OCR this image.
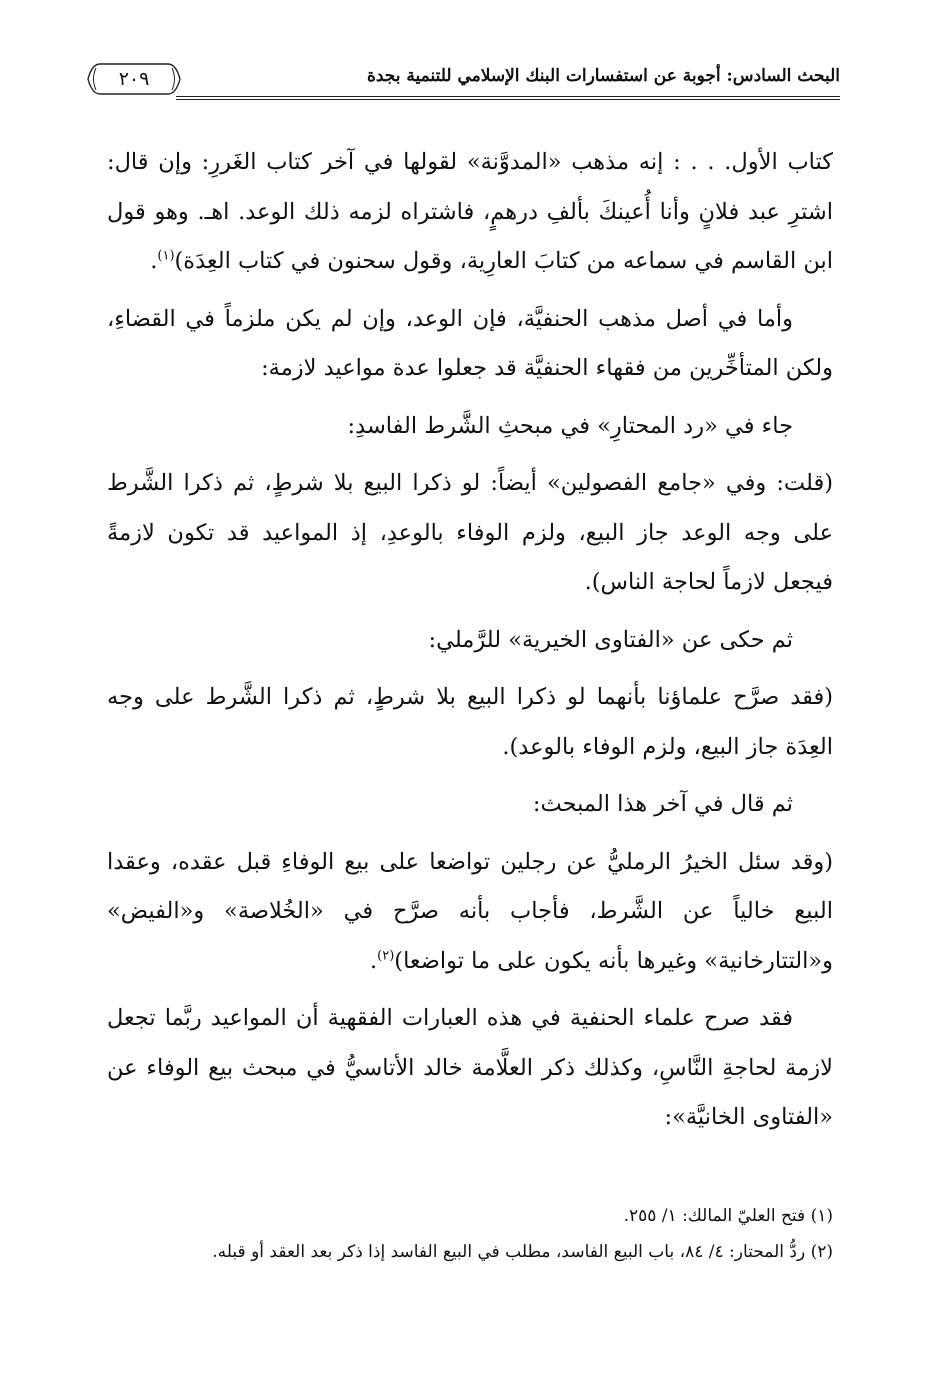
البحث السادس: أجوبة عن استفسارات البنك الإسلامي للتنمية بجدة
٢٠٩

كتاب الأول. . . : إنه مذهب «المدوَّنة» لقولها في آخر كتاب الغَررِ: وإن قال: اشترِ عبد فلانٍ وأنا أُعينكَ بألفِ درهمٍ، فاشتراه لزمه ذلك الوعد. اهـ. وهو قول ابن القاسم في سماعه من كتابَ العارِية، وقول سحنون في كتاب العِدَة)$^{(١)}$.

وأما في أصل مذهب الحنفيَّة، فإن الوعد، وإن لم يكن ملزماً في القضاءِ، ولكن المتأخِّرين من فقهاء الحنفيَّة قد جعلوا عدة مواعيد لازمة:

جاء في «رد المحتارِ» في مبحثِ الشَّرط الفاسدِ:

(قلت: وفي «جامع الفصولين» أيضاً: لو ذكرا البيع بلا شرطٍ، ثم ذكرا الشَّرط على وجه الوعد جاز البيع، ولزم الوفاء بالوعدِ، إذ المواعيد قد تكون لازمةً فيجعل لازماً لحاجة الناس).

ثم حكى عن «الفتاوى الخيرية» للرَّملي:

(فقد صرَّح علماؤنا بأنهما لو ذكرا البيع بلا شرطٍ، ثم ذكرا الشَّرط على وجه العِدَة جاز البيع، ولزم الوفاء بالوعد).

ثم قال في آخر هذا المبحث:

(وقد سئل الخيرُ الرمليُّ عن رجلين تواضعا على بيع الوفاءِ قبل عقده، وعقدا البيع خالياً عن الشَّرط، فأجاب بأنه صرَّح في «الخُلاصة» و«الفيض» و«التتارخانية» وغيرها بأنه يكون على ما تواضعا)$^{(٢)}$.

فقد صرح علماء الحنفية في هذه العبارات الفقهية أن المواعيد ربَّما تجعل لازمة لحاجةِ النَّاسِ، وكذلك ذكر العلَّامة خالد الأتاسيُّ في مبحث بيع الوفاء عن «الفتاوى الخانيَّة»:

(١) فتح العليّ المالك: ١/ ٢٥٥.

(٢) ردُّ المحتار: ٤/ ٨٤، باب البيع الفاسد، مطلب في البيع الفاسد إذا ذكر بعد العقد أو قبله.
